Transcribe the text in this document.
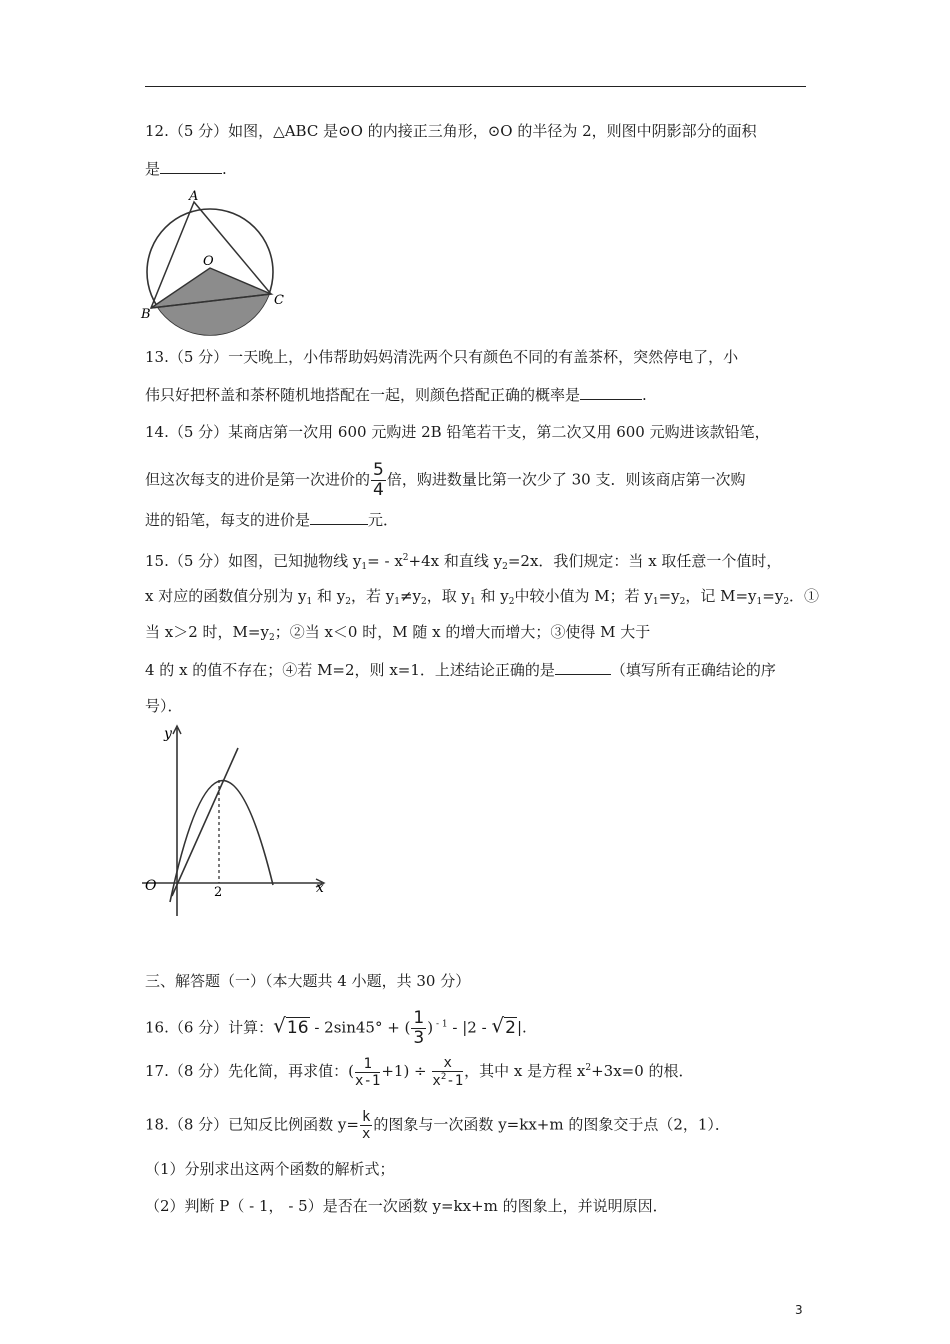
12.（5 分）如图，△ABC 是⊙O 的内接正三角形，⊙O 的半径为 2，则图中阴影部分的面积
是	.
A
O
B
C
13.（5 分）一天晚上，小伟帮助妈妈清洗两个只有颜色不同的有盖茶杯，突然停电了，小
伟只好把杯盖和茶杯随机地搭配在一起，则颜色搭配正确的概率是	.
14.（5 分）某商店第一次用 600 元购进 2B 铅笔若干支，第二次又用 600 元购进该款铅笔，
但这次每支的进价是第一次进价的 $\frac{5}{4}$ 倍，购进数量比第一次少了 30 支．则该商店第一次购
进的铅笔，每支的进价是	元．
15.（5 分）如图，已知抛物线 $y_1= - x^2+4x$ 和直线 $y_2=2x$．我们规定：当 x 取任意一个值时，
x 对应的函数值分别为 $y_1$ 和 $y_2$，若 $y_1\ne y_2$，取 $y_1$ 和 $y_2$中较小值为 M；若 $y_1=y_2$，记 $M=y_1=y_2$．①
当 x＞2 时，$M=y_2$；②当 x＜0 时，M 随 x 的增大而增大；③使得 M 大于
4 的 x 的值不存在；④若 M=2，则 x=1．上述结论正确的是	（填写所有正确结论的序
号）．
y
x
O	2
三、解答题（一）（本大题共 4 小题，共 30 分）
16.（6 分）计算：√16 - 2sin45° + ( $\frac{1}{3}$ ) $^{- 1}$ - |2 - √2|.
17.（8 分）先化简，再求值：( $\frac{1}{x-1} +1) \div \frac{x}{x^2-1}$ ，其中 x 是方程 $x^2+3x=0$ 的根．
18.（8 分）已知反比例函数 $y= \frac{k}{x}$ 的图象与一次函数 y=kx+m 的图象交于点（2，1）．
（1）分别求出这两个函数的解析式；
（2）判断 P（ - 1， - 5）是否在一次函数 y=kx+m 的图象上，并说明原因．
3
